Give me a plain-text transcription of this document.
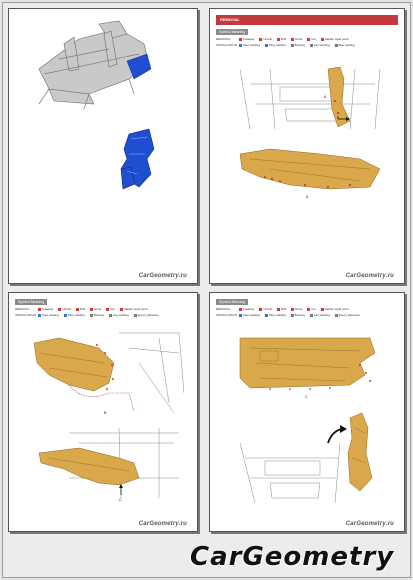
CarGeometry.ru
REMOVAL
Symbol Meaning
REMOVAL	Cutaway	Unbolt	Drill	Grind	Cut	Hidden weld point
INSTALLATION Spot welding	Plug welding	Brazing	Lap welding	Butt welding
A
B
A
CarGeometry.ru
Symbol Meaning
REMOVAL	Cutaway	Unbolt	Drill	Grind	Cut	Hidden weld point
INSTALLATION Spot welding	Plug welding	Brazing	Lap welding	Epoxy adhesive
B
C
CarGeometry.ru
Symbol Meaning
REMOVAL	Cutaway	Unbolt	Drill	Grind	Cut	Hidden weld point
INSTALLATION Spot welding	Plug welding	Brazing	Lap welding	Epoxy adhesive
C
CarGeometry.ru
CarGeometry
